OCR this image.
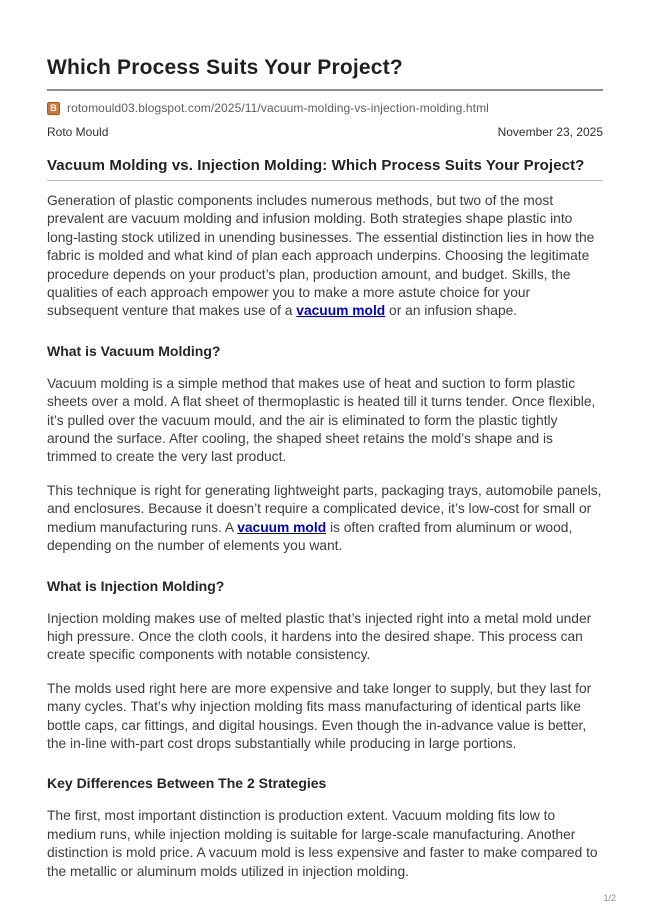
Which Process Suits Your Project?
B rotomould03.blogspot.com/2025/11/vacuum-molding-vs-injection-molding.html
Roto Mould	November 23, 2025
Vacuum Molding vs. Injection Molding: Which Process Suits Your Project?

Generation of plastic components includes numerous methods, but two of the most prevalent are vacuum molding and infusion molding. Both strategies shape plastic into long-lasting stock utilized in unending businesses. The essential distinction lies in how the fabric is molded and what kind of plan each approach underpins. Choosing the legitimate procedure depends on your product’s plan, production amount, and budget. Skills, the qualities of each approach empower you to make a more astute choice for your subsequent venture that makes use of a vacuum mold or an infusion shape.

What is Vacuum Molding?

Vacuum molding is a simple method that makes use of heat and suction to form plastic sheets over a mold. A flat sheet of thermoplastic is heated till it turns tender. Once flexible, it’s pulled over the vacuum mould, and the air is eliminated to form the plastic tightly around the surface. After cooling, the shaped sheet retains the mold’s shape and is trimmed to create the very last product.

This technique is right for generating lightweight parts, packaging trays, automobile panels, and enclosures. Because it doesn’t require a complicated device, it’s low-cost for small or medium manufacturing runs. A vacuum mold is often crafted from aluminum or wood, depending on the number of elements you want.

What is Injection Molding?

Injection molding makes use of melted plastic that’s injected right into a metal mold under high pressure. Once the cloth cools, it hardens into the desired shape. This process can create specific components with notable consistency.

The molds used right here are more expensive and take longer to supply, but they last for many cycles. That’s why injection molding fits mass manufacturing of identical parts like bottle caps, car fittings, and digital housings. Even though the in-advance value is better, the in-line with-part cost drops substantially while producing in large portions.

Key Differences Between The 2 Strategies

The first, most important distinction is production extent. Vacuum molding fits low to medium runs, while injection molding is suitable for large-scale manufacturing. Another distinction is mold price. A vacuum mold is less expensive and faster to make compared to the metallic or aluminum molds utilized in injection molding.

1/2
